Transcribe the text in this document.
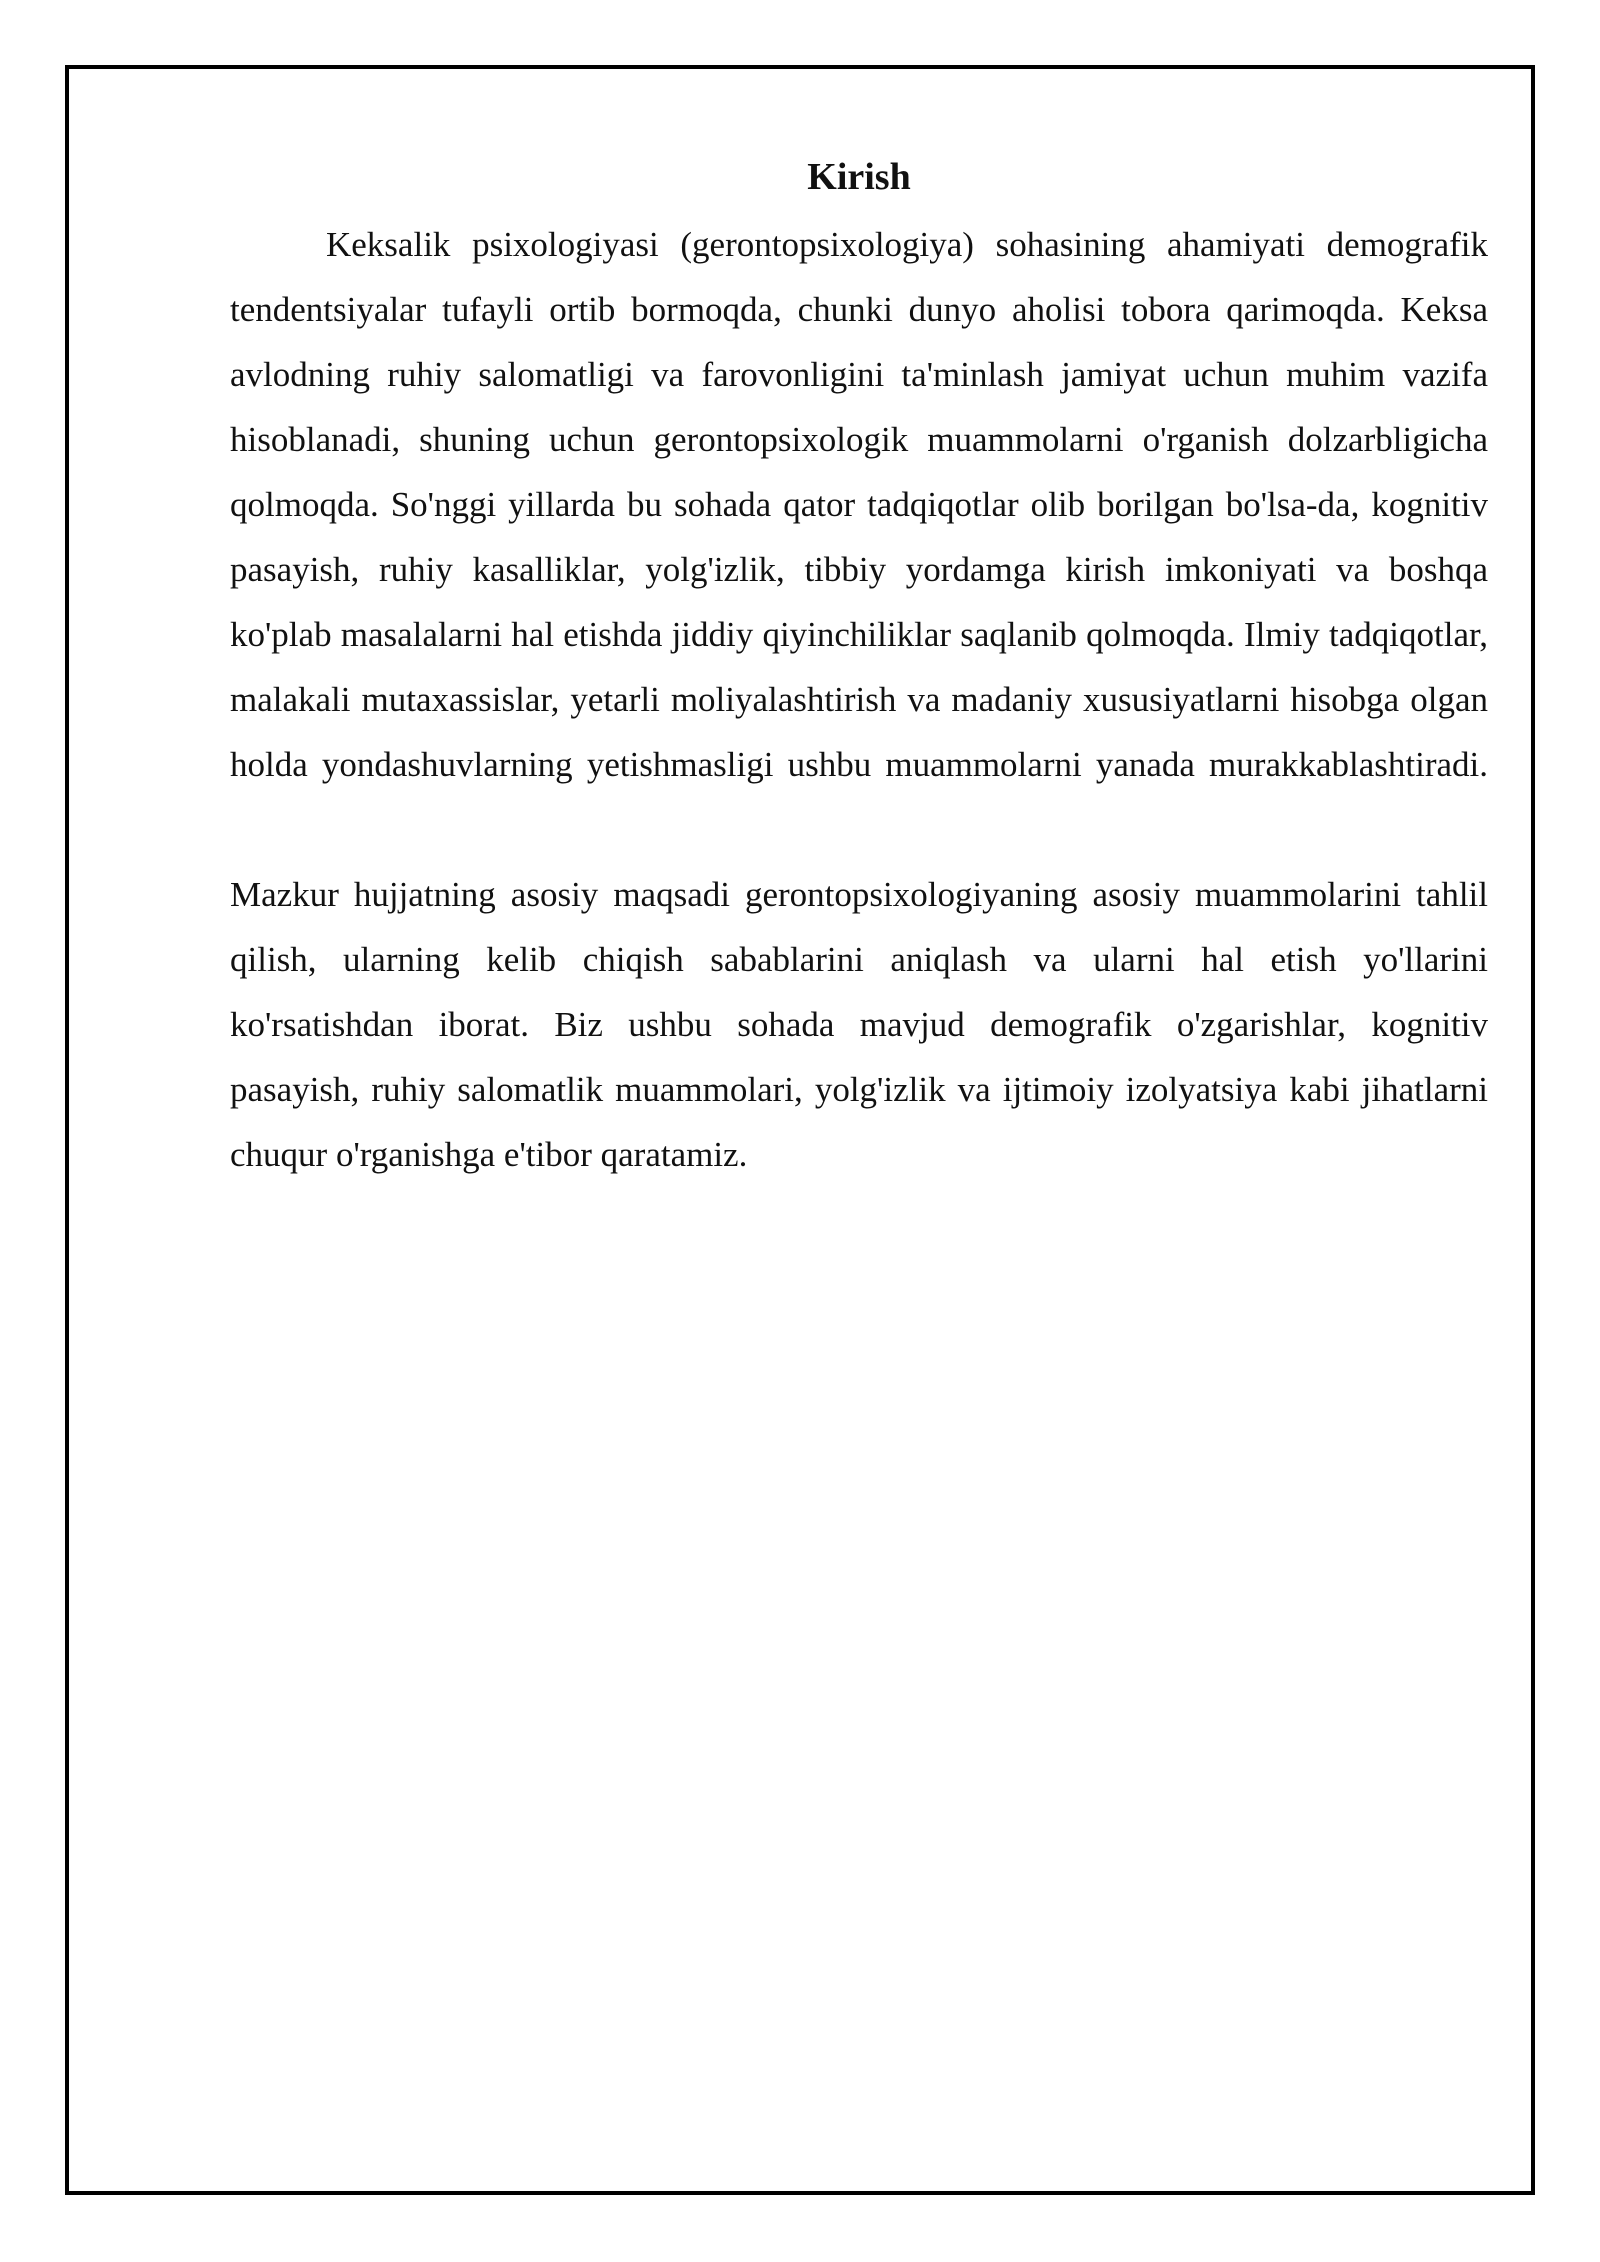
Kirish

Keksalik psixologiyasi (gerontopsixologiya) sohasining ahamiyati demografik tendentsiyalar tufayli ortib bormoqda, chunki dunyo aholisi tobora qarimoqda. Keksa avlodning ruhiy salomatligi va farovonligini ta'minlash jamiyat uchun muhim vazifa hisoblanadi, shuning uchun gerontopsixologik muammolarni o'rganish dolzarbligicha qolmoqda. So'nggi yillarda bu sohada qator tadqiqotlar olib borilgan bo'lsa-da, kognitiv pasayish, ruhiy kasalliklar, yolg'izlik, tibbiy yordamga kirish imkoniyati va boshqa ko'plab masalalarni hal etishda jiddiy qiyinchiliklar saqlanib qolmoqda. Ilmiy tadqiqotlar, malakali mutaxassislar, yetarli moliyalashtirish va madaniy xususiyatlarni hisobga olgan holda yondashuvlarning yetishmasligi ushbu muammolarni yanada murakkablashtiradi.

Mazkur hujjatning asosiy maqsadi gerontopsixologiyaning asosiy muammolarini tahlil qilish, ularning kelib chiqish sabablarini aniqlash va ularni hal etish yo'llarini ko'rsatishdan iborat. Biz ushbu sohada mavjud demografik o'zgarishlar, kognitiv pasayish, ruhiy salomatlik muammolari, yolg'izlik va ijtimoiy izolyatsiya kabi jihatlarni chuqur o'rganishga e'tibor qaratamiz.
